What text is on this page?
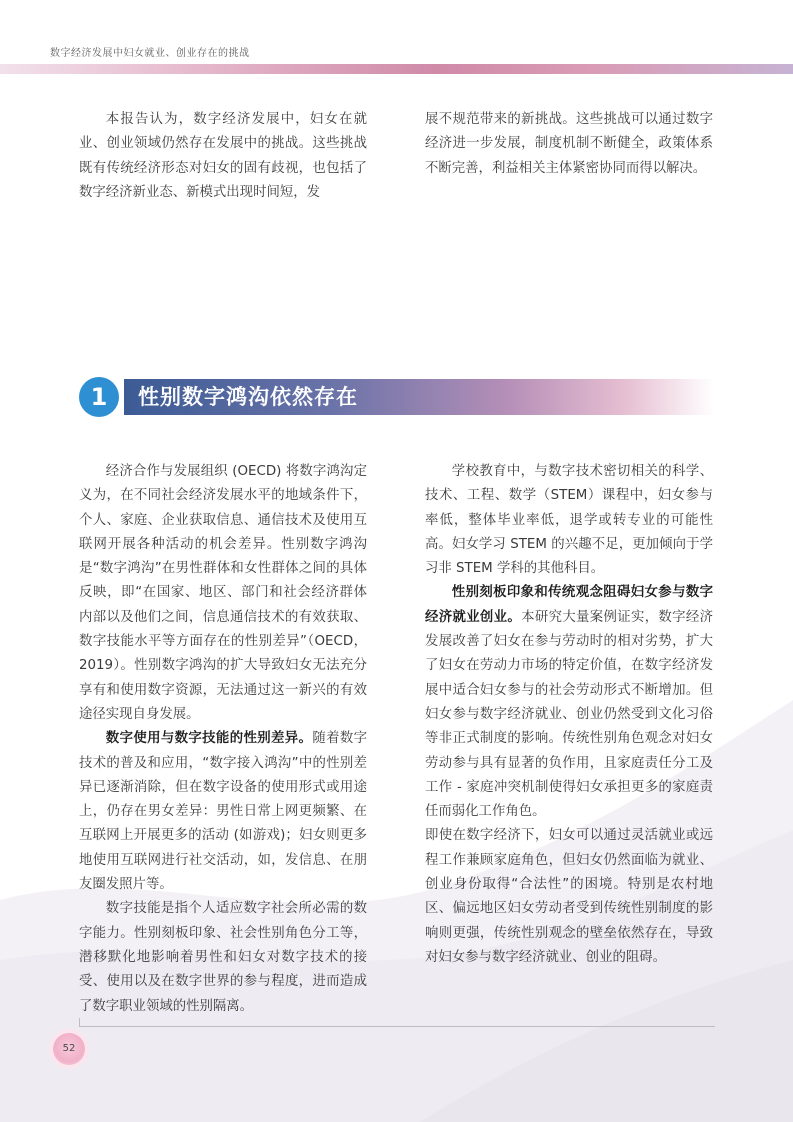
数字经济发展中妇女就业、创业存在的挑战

本报告认为，数字经济发展中，妇女在就业、创业领域仍然存在发展中的挑战。这些挑战既有传统经济形态对妇女的固有歧视，也包括了数字经济新业态、新模式出现时间短，发

展不规范带来的新挑战。这些挑战可以通过数字经济进一步发展，制度机制不断健全，政策体系不断完善，利益相关主体紧密协同而得以解决。

1	性别数字鸿沟依然存在

经济合作与发展组织 (OECD) 将数字鸿沟定义为，在不同社会经济发展水平的地域条件下，个人、家庭、企业获取信息、通信技术及使用互联网开展各种活动的机会差异。性别数字鸿沟是“数字鸿沟”在男性群体和女性群体之间的具体反映，即“在国家、地区、部门和社会经济群体内部以及他们之间，信息通信技术的有效获取、数字技能水平等方面存在的性别差异”（OECD，2019）。性别数字鸿沟的扩大导致妇女无法充分享有和使用数字资源，无法通过这一新兴的有效途径实现自身发展。

数字使用与数字技能的性别差异。随着数字技术的普及和应用，“数字接入鸿沟”中的性别差异已逐渐消除，但在数字设备的使用形式或用途上，仍存在男女差异：男性日常上网更频繁、在互联网上开展更多的活动 (如游戏)；妇女则更多地使用互联网进行社交活动，如，发信息、在朋友圈发照片等。

数字技能是指个人适应数字社会所必需的数字能力。性别刻板印象、社会性别角色分工等，潜移默化地影响着男性和妇女对数字技术的接受、使用以及在数字世界的参与程度，进而造成了数字职业领域的性别隔离。

学校教育中，与数字技术密切相关的科学、技术、工程、数学（STEM）课程中，妇女参与率低，整体毕业率低，退学或转专业的可能性高。妇女学习 STEM 的兴趣不足，更加倾向于学习非 STEM 学科的其他科目。

性别刻板印象和传统观念阻碍妇女参与数字经济就业创业。本研究大量案例证实，数字经济发展改善了妇女在参与劳动时的相对劣势，扩大了妇女在劳动力市场的特定价值，在数字经济发展中适合妇女参与的社会劳动形式不断增加。但妇女参与数字经济就业、创业仍然受到文化习俗等非正式制度的影响。传统性别角色观念对妇女劳动参与具有显著的负作用，且家庭责任分工及工作 - 家庭冲突机制使得妇女承担更多的家庭责任而弱化工作角色。

即使在数字经济下，妇女可以通过灵活就业或远程工作兼顾家庭角色，但妇女仍然面临为就业、创业身份取得“合法性”的困境。特别是农村地区、偏远地区妇女劳动者受到传统性别制度的影响则更强，传统性别观念的壁垒依然存在，导致对妇女参与数字经济就业、创业的阻碍。

52
